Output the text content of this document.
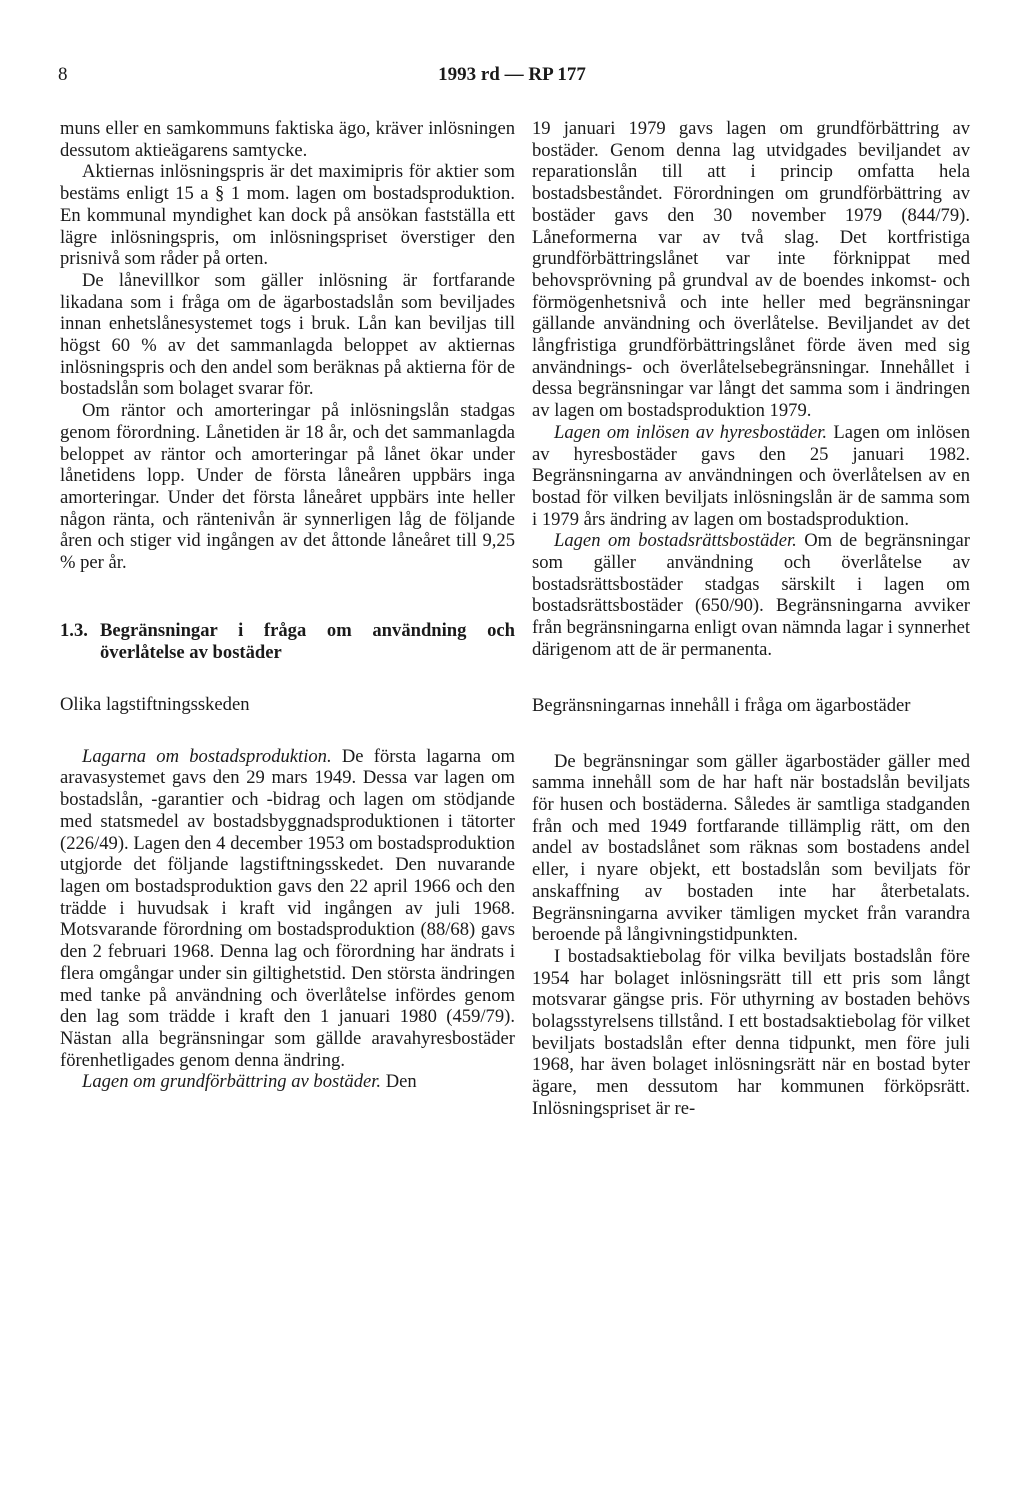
8	1993 rd — RP 177

muns eller en samkommuns faktiska ägo, kräver inlösningen dessutom aktieägarens samtycke.

Aktiernas inlösningspris är det maximipris för aktier som bestäms enligt 15 a § 1 mom. lagen om bostadsproduktion. En kommunal myndighet kan dock på ansökan fastställa ett lägre inlösningspris, om inlösningspriset överstiger den prisnivå som råder på orten.

De lånevillkor som gäller inlösning är fortfarande likadana som i fråga om de ägarbostadslån som beviljades innan enhetslånesystemet togs i bruk. Lån kan beviljas till högst 60 % av det sammanlagda beloppet av aktiernas inlösningspris och den andel som beräknas på aktierna för de bostadslån som bolaget svarar för.

Om räntor och amorteringar på inlösningslån stadgas genom förordning. Lånetiden är 18 år, och det sammanlagda beloppet av räntor och amorteringar på lånet ökar under lånetidens lopp. Under de första låneåren uppbärs inga amorteringar. Under det första låneåret uppbärs inte heller någon ränta, och räntenivån är synnerligen låg de följande åren och stiger vid ingången av det åttonde låneåret till 9,25 % per år.

1.3. Begränsningar i fråga om användning och överlåtelse av bostäder
Olika lagstiftningsskeden

Lagarna om bostadsproduktion. De första lagarna om aravasystemet gavs den 29 mars 1949. Dessa var lagen om bostadslån, -garantier och -bidrag och lagen om stödjande med statsmedel av bostadsbyggnadsproduktionen i tätorter (226/49). Lagen den 4 december 1953 om bostadsproduktion utgjorde det följande lagstiftningsskedet. Den nuvarande lagen om bostadsproduktion gavs den 22 april 1966 och den trädde i huvudsak i kraft vid ingången av juli 1968. Motsvarande förordning om bostadsproduktion (88/68) gavs den 2 februari 1968. Denna lag och förordning har ändrats i flera omgångar under sin giltighetstid. Den största ändringen med tanke på användning och överlåtelse infördes genom den lag som trädde i kraft den 1 januari 1980 (459/79). Nästan alla begränsningar som gällde aravahyresbostäder förenhetligades genom denna ändring.

Lagen om grundförbättring av bostäder. Den

19 januari 1979 gavs lagen om grundförbättring av bostäder. Genom denna lag utvidgades beviljandet av reparationslån till att i princip omfatta hela bostadsbeståndet. Förordningen om grundförbättring av bostäder gavs den 30 november 1979 (844/79). Låneformerna var av två slag. Det kortfristiga grundförbättringslånet var inte förknippat med behovsprövning på grundval av de boendes inkomst- och förmögenhetsnivå och inte heller med begränsningar gällande användning och överlåtelse. Beviljandet av det långfristiga grundförbättringslånet förde även med sig användnings- och överlåtelsebegränsningar. Innehållet i dessa begränsningar var långt det samma som i ändringen av lagen om bostadsproduktion 1979.

Lagen om inlösen av hyresbostäder. Lagen om inlösen av hyresbostäder gavs den 25 januari 1982. Begränsningarna av användningen och överlåtelsen av en bostad för vilken beviljats inlösningslån är de samma som i 1979 års ändring av lagen om bostadsproduktion.

Lagen om bostadsrättsbostäder. Om de begränsningar som gäller användning och överlåtelse av bostadsrättsbostäder stadgas särskilt i lagen om bostadsrättsbostäder (650/90). Begränsningarna avviker från begränsningarna enligt ovan nämnda lagar i synnerhet därigenom att de är permanenta.

Begränsningarnas innehåll i fråga om ägarbostäder

De begränsningar som gäller ägarbostäder gäller med samma innehåll som de har haft när bostadslån beviljats för husen och bostäderna. Således är samtliga stadganden från och med 1949 fortfarande tillämplig rätt, om den andel av bostadslånet som räknas som bostadens andel eller, i nyare objekt, ett bostadslån som beviljats för anskaffning av bostaden inte har återbetalats. Begränsningarna avviker tämligen mycket från varandra beroende på långivningstidpunkten.

I bostadsaktiebolag för vilka beviljats bostadslån före 1954 har bolaget inlösningsrätt till ett pris som långt motsvarar gängse pris. För uthyrning av bostaden behövs bolagsstyrelsens tillstånd. I ett bostadsaktiebolag för vilket beviljats bostadslån efter denna tidpunkt, men före juli 1968, har även bolaget inlösningsrätt när en bostad byter ägare, men dessutom har kommunen förköpsrätt. Inlösningspriset är re-
